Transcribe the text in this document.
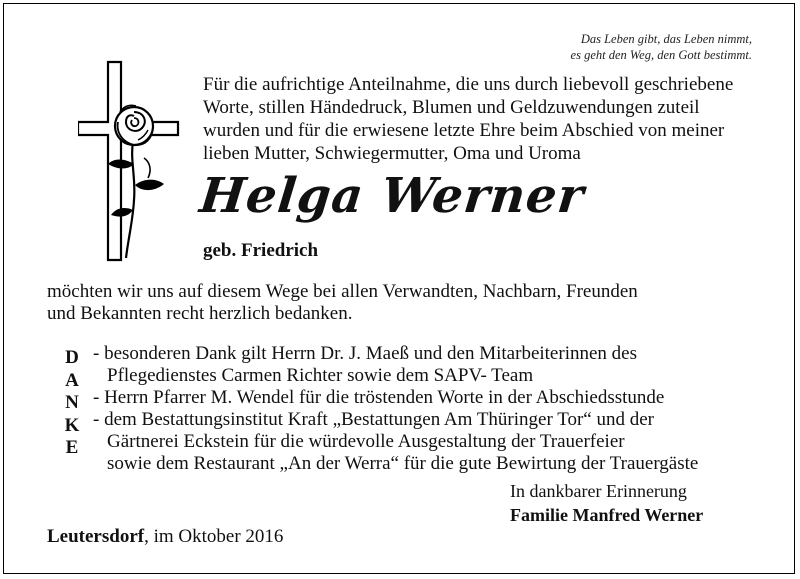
Das Leben gibt, das Leben nimmt,
es geht den Weg, den Gott bestimmt.
Für die aufrichtige Anteilnahme, die uns durch liebevoll geschriebene
Worte, stillen Händedruck, Blumen und Geldzuwendungen zuteil
wurden und für die erwiesene letzte Ehre beim Abschied von meiner
lieben Mutter, Schwiegermutter, Oma und Uroma
Helga Werner
geb. Friedrich
möchten wir uns auf diesem Wege bei allen Verwandten, Nachbarn, Freunden
und Bekannten recht herzlich bedanken.
D
A
N
K
E
- besonderen Dank gilt Herrn Dr. J. Maeß und den Mitarbeiterinnen des
Pflegedienstes Carmen Richter sowie dem SAPV- Team
- Herrn Pfarrer M. Wendel für die tröstenden Worte in der Abschiedsstunde
- dem Bestattungsinstitut Kraft „Bestattungen Am Thüringer Tor“ und der
Gärtnerei Eckstein für die würdevolle Ausgestaltung der Trauerfeier
sowie dem Restaurant „An der Werra“ für die gute Bewirtung der Trauergäste
In dankbarer Erinnerung
Familie Manfred Werner
Leutersdorf, im Oktober 2016
